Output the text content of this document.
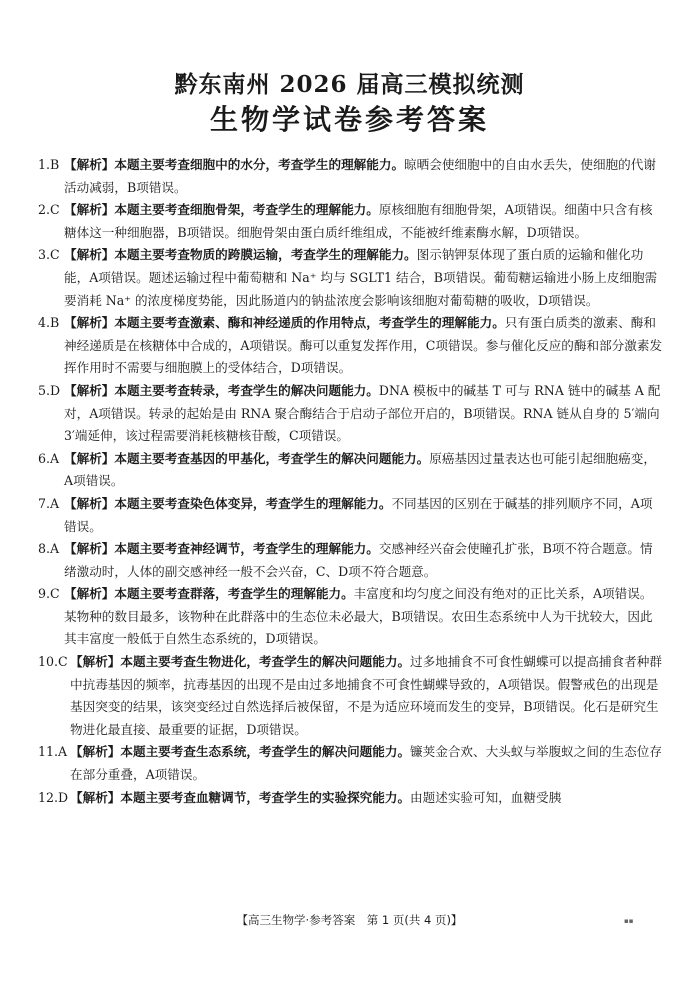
黔东南州 2026 届高三模拟统测
生物学试卷参考答案
1.B 【解析】本题主要考查细胞中的水分，考查学生的理解能力。晾晒会使细胞中的自由水丢失，使细胞的代谢活动减弱，B项错误。
2.C 【解析】本题主要考查细胞骨架，考查学生的理解能力。原核细胞有细胞骨架，A项错误。细菌中只含有核糖体这一种细胞器，B项错误。细胞骨架由蛋白质纤维组成，不能被纤维素酶水解，D项错误。
3.C 【解析】本题主要考查物质的跨膜运输，考查学生的理解能力。图示钠钾泵体现了蛋白质的运输和催化功能，A项错误。题述运输过程中葡萄糖和 Na⁺ 均与 SGLT1 结合，B项错误。葡萄糖运输进小肠上皮细胞需要消耗 Na⁺ 的浓度梯度势能，因此肠道内的钠盐浓度会影响该细胞对葡萄糖的吸收，D项错误。
4.B 【解析】本题主要考查激素、酶和神经递质的作用特点，考查学生的理解能力。只有蛋白质类的激素、酶和神经递质是在核糖体中合成的，A项错误。酶可以重复发挥作用，C项错误。参与催化反应的酶和部分激素发挥作用时不需要与细胞膜上的受体结合，D项错误。
5.D 【解析】本题主要考查转录，考查学生的解决问题能力。DNA 模板中的碱基 T 可与 RNA 链中的碱基 A 配对，A项错误。转录的起始是由 RNA 聚合酶结合于启动子部位开启的，B项错误。RNA 链从自身的 5′端向 3′端延伸，该过程需要消耗核糖核苷酸，C项错误。
6.A 【解析】本题主要考查基因的甲基化，考查学生的解决问题能力。原癌基因过量表达也可能引起细胞癌变，A项错误。
7.A 【解析】本题主要考查染色体变异，考查学生的理解能力。不同基因的区别在于碱基的排列顺序不同，A项错误。
8.A 【解析】本题主要考查神经调节，考查学生的理解能力。交感神经兴奋会使瞳孔扩张，B项不符合题意。情绪激动时，人体的副交感神经一般不会兴奋，C、D项不符合题意。
9.C 【解析】本题主要考查群落，考查学生的理解能力。丰富度和均匀度之间没有绝对的正比关系，A项错误。某物种的数目最多，该物种在此群落中的生态位未必最大，B项错误。农田生态系统中人为干扰较大，因此其丰富度一般低于自然生态系统的，D项错误。
10.C 【解析】本题主要考查生物进化，考查学生的解决问题能力。过多地捕食不可食性蝴蝶可以提高捕食者种群中抗毒基因的频率，抗毒基因的出现不是由过多地捕食不可食性蝴蝶导致的，A项错误。假警戒色的出现是基因突变的结果，该突变经过自然选择后被保留，不是为适应环境而发生的变异，B项错误。化石是研究生物进化最直接、最重要的证据，D项错误。
11.A 【解析】本题主要考查生态系统，考查学生的解决问题能力。镰荚金合欢、大头蚁与举腹蚁之间的生态位存在部分重叠，A项错误。
12.D 【解析】本题主要考查血糖调节，考查学生的实验探究能力。由题述实验可知，血糖受胰
【高三生物学·参考答案　第 1 页(共 4 页)】	▪▪
